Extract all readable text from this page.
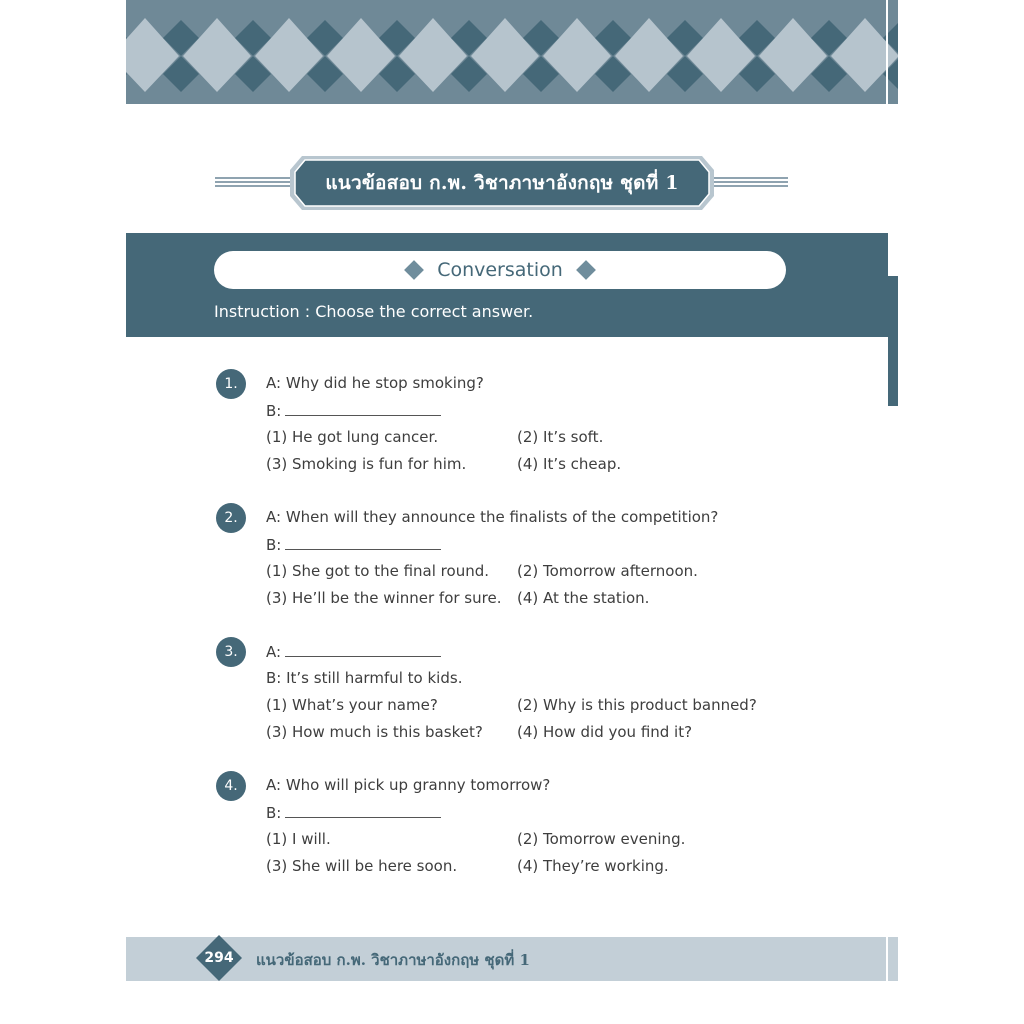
แนวข้อสอบ ก.พ. วิชาภาษาอังกฤษ ชุดที่ 1
Conversation
Instruction : Choose the correct answer.
1.	A: Why did he stop smoking?
B:
(1) He got lung cancer.	(2) It’s soft.
(3) Smoking is fun for him.	(4) It’s cheap.
2.	A: When will they announce the finalists of the competition?
B:
(1) She got to the final round. (2) Tomorrow afternoon.
(3) He’ll be the winner for sure. (4) At the station.
3.	A:
B: It’s still harmful to kids.
(1) What’s your name?	(2) Why is this product banned?
(3) How much is this basket? (4) How did you find it?
4.	A: Who will pick up granny tomorrow?
B:
(1) I will.	(2) Tomorrow evening.
(3) She will be here soon.	(4) They’re working.
294	แนวข้อสอบ ก.พ. วิชาภาษาอังกฤษ ชุดที่ 1
